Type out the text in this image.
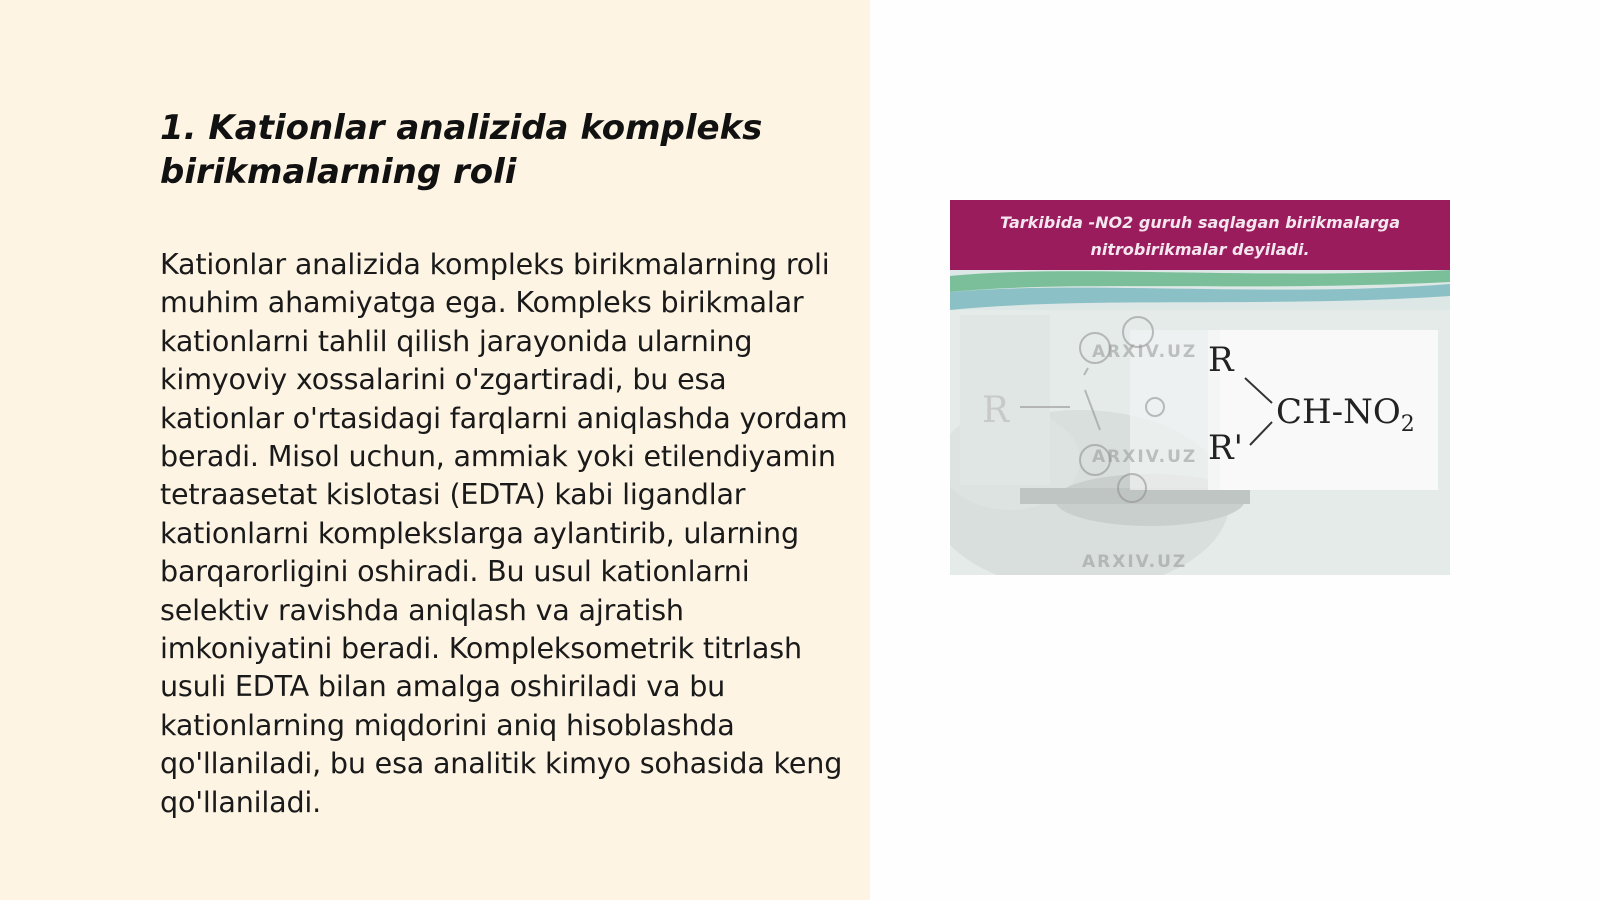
1. Kationlar analizida kompleks birikmalarning roli

Kationlar analizida kompleks birikmalarning roli muhim ahamiyatga ega. Kompleks birikmalar kationlarni tahlil qilish jarayonida ularning kimyoviy xossalarini o'zgartiradi, bu esa kationlar o'rtasidagi farqlarni aniqlashda yordam beradi. Misol uchun, ammiak yoki etilendiyamin tetraasetat kislotasi (EDTA) kabi ligandlar kationlarni komplekslarga aylantirib, ularning barqarorligini oshiradi. Bu usul kationlarni selektiv ravishda aniqlash va ajratish imkoniyatini beradi. Kompleksometrik titrlash usuli EDTA bilan amalga oshiriladi va bu kationlarning miqdorini aniq hisoblashda qo'llaniladi, bu esa analitik kimyo sohasida keng qo'llaniladi.

Tarkibida -NO2 guruh saqlagan birikmalarga nitrobirikmalar deyiladi.
R
ARXIV.UZ
ARXIV.UZ
ARXIV.UZ
R
R'
$CH-NO_2$
